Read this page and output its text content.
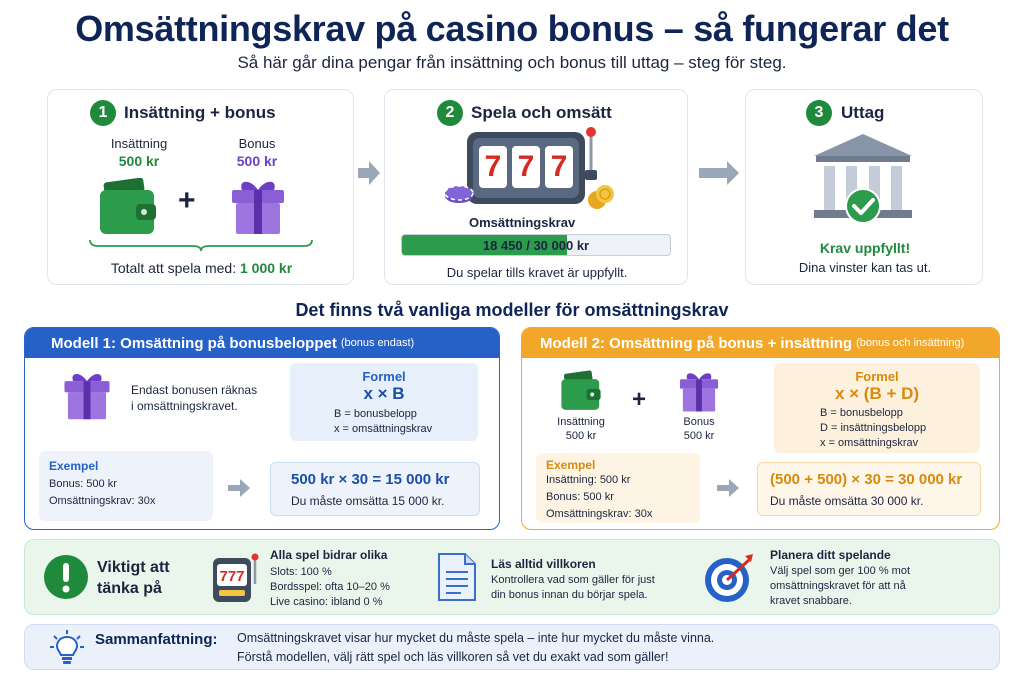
Omsättningskrav på casino bonus – så fungerar det
Så här går dina pengar från insättning och bonus till uttag – steg för steg.
1 Insättning + bonus
Insättning
500 kr
Bonus
500 kr
+
Totalt att spela med: 1 000 kr
2 Spela och omsätt
7 7 7
Omsättningskrav
18 450 / 30 000 kr
Du spelar tills kravet är uppfyllt.
3	Uttag
Krav uppfyllt!
Dina vinster kan tas ut.
Det finns två vanliga modeller för omsättningskrav
Modell 1: Omsättning på bonusbeloppet (bonus endast)
Endast bonusen räknas
i omsättningskravet.
Formel
x × B
B = bonusbelopp
x = omsättningskrav
Exempel
Bonus: 500 kr
Omsättningskrav: 30x
500 kr × 30 = 15 000 kr
Du måste omsätta 15 000 kr.
Modell 2: Omsättning på bonus + insättning (bonus och insättning)
Insättning
500 kr
+
Bonus
500 kr
Formel
x × (B + D)
B = bonusbelopp
D = insättningsbelopp
x = omsättningskrav
Exempel
Insättning: 500 kr
Bonus: 500 kr
Omsättningskrav: 30x
(500 + 500) × 30 = 30 000 kr
Du måste omsätta 30 000 kr.
Viktigt att tänka på
777
Alla spel bidrar olika
Slots: 100 %
Bordsspel: ofta 10–20 %
Live casino: ibland 0 %
Läs alltid villkoren
Kontrollera vad som gäller för just
din bonus innan du börjar spela.
Planera ditt spelande
Välj spel som ger 100 % mot
omsättningskravet för att nå
kravet snabbare.
Sammanfattning: Omsättningskravet visar hur mycket du måste spela – inte hur mycket du måste vinna.
Förstå modellen, välj rätt spel och läs villkoren så vet du exakt vad som gäller!
